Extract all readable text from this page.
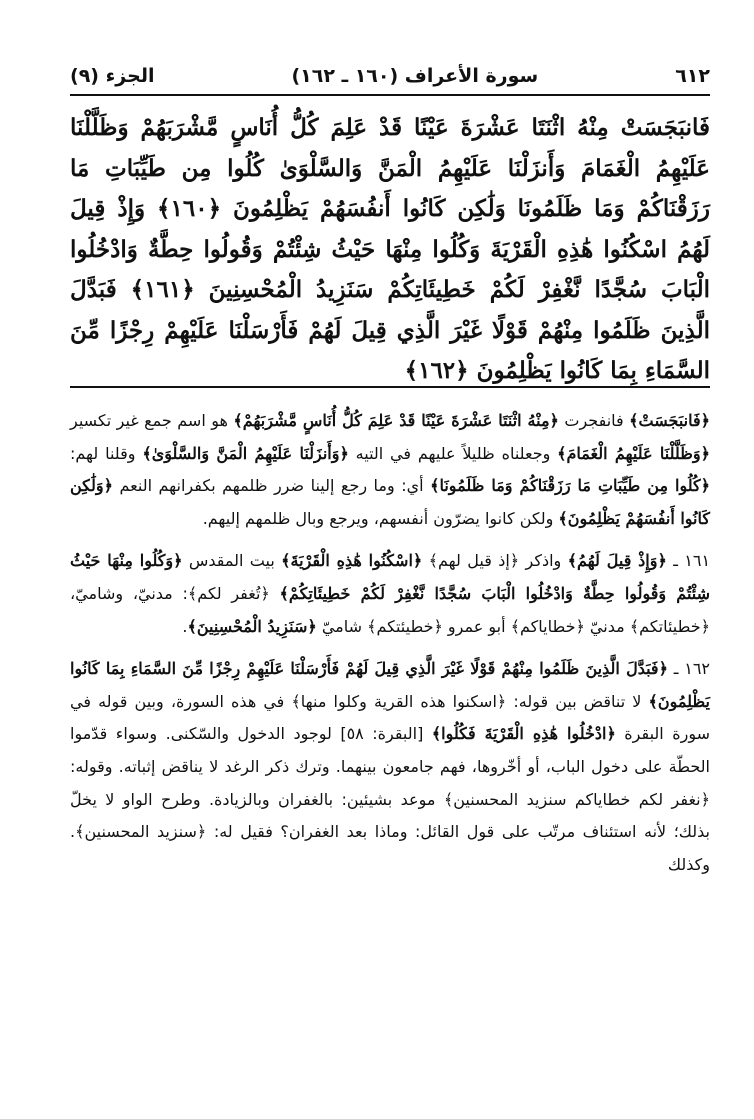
٦١٢
سورة الأعراف (١٦٠ ـ ١٦٢)
الجزء (٩)

فَانبَجَسَتْ مِنْهُ اثْنَتَا عَشْرَةَ عَيْنًا قَدْ عَلِمَ كُلُّ أُنَاسٍ مَّشْرَبَهُمْ وَظَلَّلْنَا عَلَيْهِمُ الْغَمَامَ وَأَنزَلْنَا عَلَيْهِمُ الْمَنَّ وَالسَّلْوَىٰ كُلُوا مِن طَيِّبَاتِ مَا رَزَقْنَاكُمْ وَمَا ظَلَمُونَا وَلَٰكِن كَانُوا أَنفُسَهُمْ يَظْلِمُونَ ﴿١٦٠﴾ وَإِذْ قِيلَ لَهُمُ اسْكُنُوا هَٰذِهِ الْقَرْيَةَ وَكُلُوا مِنْهَا حَيْثُ شِئْتُمْ وَقُولُوا حِطَّةٌ وَادْخُلُوا الْبَابَ سُجَّدًا نَّغْفِرْ لَكُمْ خَطِيئَاتِكُمْ سَنَزِيدُ الْمُحْسِنِينَ ﴿١٦١﴾ فَبَدَّلَ الَّذِينَ ظَلَمُوا مِنْهُمْ قَوْلًا غَيْرَ الَّذِي قِيلَ لَهُمْ فَأَرْسَلْنَا عَلَيْهِمْ رِجْزًا مِّنَ السَّمَاءِ بِمَا كَانُوا يَظْلِمُونَ ﴿١٦٢﴾

﴿فَانبَجَسَتْ﴾ فانفجرت ﴿مِنْهُ اثْنَتَا عَشْرَةَ عَيْنًا قَدْ عَلِمَ كُلُّ أُنَاسٍ مَّشْرَبَهُمْ﴾ هو اسم جمع غير تكسير ﴿وَظَلَّلْنَا عَلَيْهِمُ الْغَمَامَ﴾ وجعلناه ظليلاً عليهم في التيه ﴿وَأَنزَلْنَا عَلَيْهِمُ الْمَنَّ وَالسَّلْوَىٰ﴾ وقلنا لهم: ﴿كُلُوا مِن طَيِّبَاتِ مَا رَزَقْنَاكُمْ وَمَا ظَلَمُونَا﴾ أي: وما رجع إلينا ضرر ظلمهم بكفرانهم النعم ﴿وَلَٰكِن كَانُوا أَنفُسَهُمْ يَظْلِمُونَ﴾ ولكن كانوا يضرّون أنفسهم، ويرجع وبال ظلمهم إليهم.

١٦١ ـ ﴿وَإِذْ قِيلَ لَهُمُ﴾ واذكر ﴿إذ قيل لهم﴾ ﴿اسْكُنُوا هَٰذِهِ الْقَرْيَةَ﴾ بيت المقدس ﴿وَكُلُوا مِنْهَا حَيْثُ شِئْتُمْ وَقُولُوا حِطَّةٌ وَادْخُلُوا الْبَابَ سُجَّدًا نَّغْفِرْ لَكُمْ خَطِيئَاتِكُمْ﴾ ﴿تُغفر لكم﴾: مدنيّ، وشاميّ، ﴿خطيئاتكم﴾ مدنيّ ﴿خطاياكم﴾ أبو عمرو ﴿خطيئتكم﴾ شاميّ ﴿سَنَزِيدُ الْمُحْسِنِينَ﴾.

١٦٢ ـ ﴿فَبَدَّلَ الَّذِينَ ظَلَمُوا مِنْهُمْ قَوْلًا غَيْرَ الَّذِي قِيلَ لَهُمْ فَأَرْسَلْنَا عَلَيْهِمْ رِجْزًا مِّنَ السَّمَاءِ بِمَا كَانُوا يَظْلِمُونَ﴾ لا تناقض بين قوله: ﴿اسكنوا هذه القرية وكلوا منها﴾ في هذه السورة، وبين قوله في سورة البقرة ﴿ادْخُلُوا هَٰذِهِ الْقَرْيَةَ فَكُلُوا﴾ [البقرة: ٥٨] لوجود الدخول والسّكنى. وسواء قدّموا الحطّة على دخول الباب، أو أخّروها، فهم جامعون بينهما. وترك ذكر الرغد لا يناقض إثباته. وقوله: ﴿نغفر لكم خطاياكم سنزيد المحسنين﴾ موعد بشيئين: بالغفران وبالزيادة. وطرح الواو لا يخلّ بذلك؛ لأنه استئناف مرتّب على قول القائل: وماذا بعد الغفران؟ فقيل له: ﴿سنزيد المحسنين﴾. وكذلك
